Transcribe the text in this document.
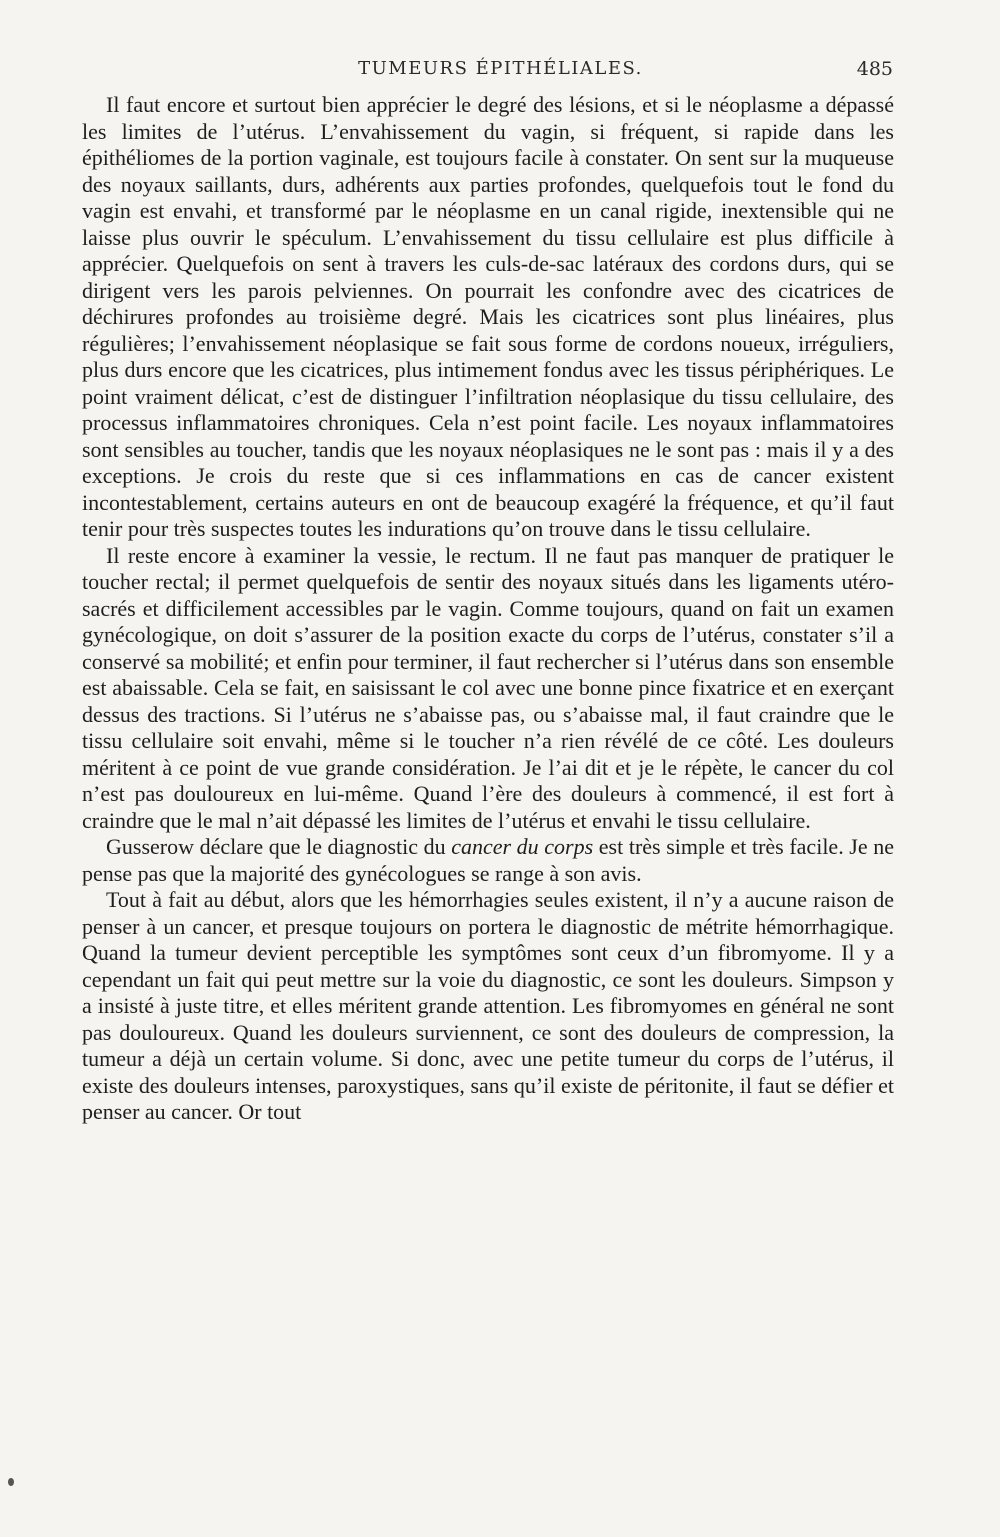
TUMEURS ÉPITHÉLIALES.	485

Il faut encore et surtout bien apprécier le degré des lésions, et si le néoplasme a dépassé les limites de l’utérus. L’envahissement du vagin, si fréquent, si rapide dans les épithéliomes de la portion vaginale, est toujours facile à constater. On sent sur la muqueuse des noyaux saillants, durs, adhérents aux parties profondes, quelquefois tout le fond du vagin est envahi, et transformé par le néoplasme en un canal rigide, inextensible qui ne laisse plus ouvrir le spéculum. L’envahissement du tissu cellulaire est plus difficile à apprécier. Quelquefois on sent à travers les culs-de-sac latéraux des cordons durs, qui se dirigent vers les parois pelviennes. On pourrait les confondre avec des cicatrices de déchirures profondes au troisième degré. Mais les cicatrices sont plus linéaires, plus régulières; l’envahissement néoplasique se fait sous forme de cordons noueux, irréguliers, plus durs encore que les cicatrices, plus intimement fondus avec les tissus périphériques. Le point vraiment délicat, c’est de distinguer l’infiltration néoplasique du tissu cellulaire, des processus inflammatoires chroniques. Cela n’est point facile. Les noyaux inflammatoires sont sensibles au toucher, tandis que les noyaux néoplasiques ne le sont pas : mais il y a des exceptions. Je crois du reste que si ces inflammations en cas de cancer existent incontestablement, certains auteurs en ont de beaucoup exagéré la fréquence, et qu’il faut tenir pour très suspectes toutes les indurations qu’on trouve dans le tissu cellulaire.

Il reste encore à examiner la vessie, le rectum. Il ne faut pas manquer de pratiquer le toucher rectal; il permet quelquefois de sentir des noyaux situés dans les ligaments utéro-sacrés et difficilement accessibles par le vagin. Comme toujours, quand on fait un examen gynécologique, on doit s’assurer de la position exacte du corps de l’utérus, constater s’il a conservé sa mobilité; et enfin pour terminer, il faut rechercher si l’utérus dans son ensemble est abaissable. Cela se fait, en saisissant le col avec une bonne pince fixatrice et en exerçant dessus des tractions. Si l’utérus ne s’abaisse pas, ou s’abaisse mal, il faut craindre que le tissu cellulaire soit envahi, même si le toucher n’a rien révélé de ce côté. Les douleurs méritent à ce point de vue grande considération. Je l’ai dit et je le répète, le cancer du col n’est pas douloureux en lui-même. Quand l’ère des douleurs à commencé, il est fort à craindre que le mal n’ait dépassé les limites de l’utérus et envahi le tissu cellulaire.

Gusserow déclare que le diagnostic du cancer du corps est très simple et très facile. Je ne pense pas que la majorité des gynécologues se range à son avis.

Tout à fait au début, alors que les hémorrhagies seules existent, il n’y a aucune raison de penser à un cancer, et presque toujours on portera le diagnostic de métrite hémorrhagique. Quand la tumeur devient perceptible les symptômes sont ceux d’un fibromyome. Il y a cependant un fait qui peut mettre sur la voie du diagnostic, ce sont les douleurs. Simpson y a insisté à juste titre, et elles méritent grande attention. Les fibromyomes en général ne sont pas douloureux. Quand les douleurs surviennent, ce sont des douleurs de compression, la tumeur a déjà un certain volume. Si donc, avec une petite tumeur du corps de l’utérus, il existe des douleurs intenses, paroxystiques, sans qu’il existe de péritonite, il faut se défier et penser au cancer. Or tout
